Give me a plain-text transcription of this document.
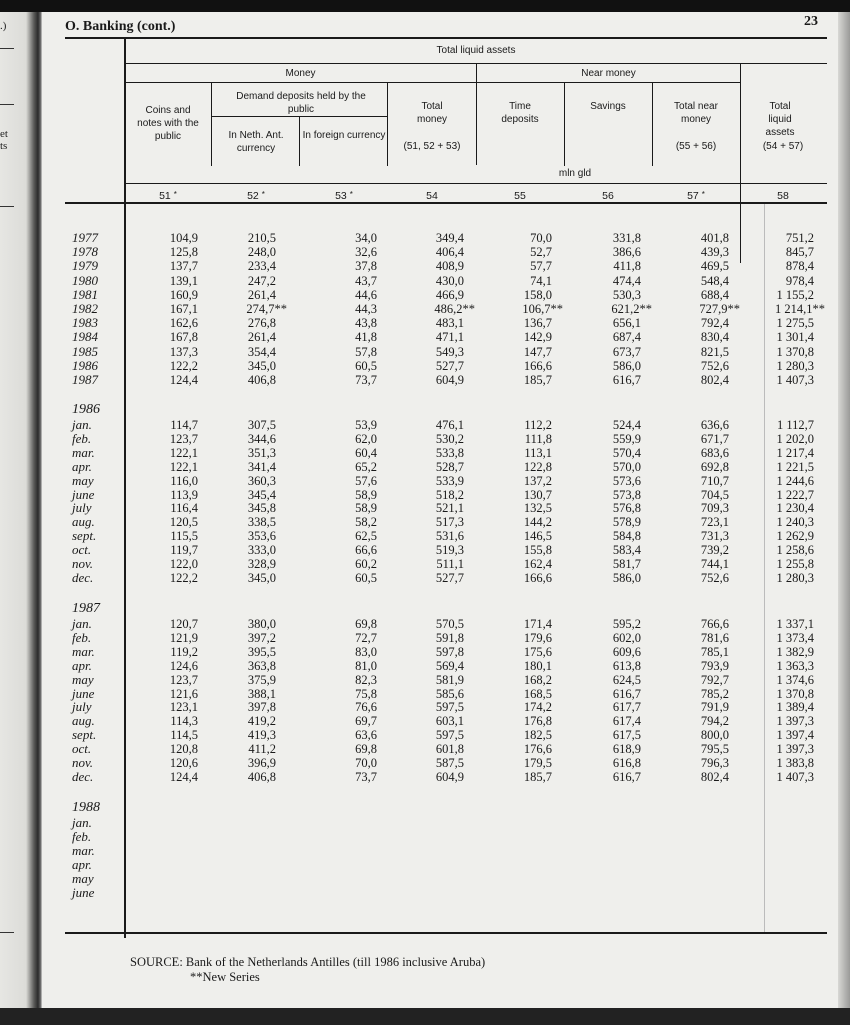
.)
et
ts
O. Banking (cont.)	23
Total liquid assets
Money	Near money
Demand deposits held by the public
Coins and notes with the public	In Neth. Ant. currency
In foreign currency
Total money
(51, 52 + 53)
Time deposits
Savings	Total near money
(55 + 56)
Total liquid assets
(54 + 57)
mln gld
51 *	52 *	53 *	54	55	56	57 *	58
1977	104,9	210,5	34,0	349,4	70,0	331,8	401,8	751,2
1978	125,8	248,0	32,6	406,4	52,7	386,6	439,3	845,7
1979	137,7	233,4	37,8	408,9	57,7	411,8	469,5	878,4
1980	139,1	247,2	43,7	430,0	74,1	474,4	548,4	978,4
1981	160,9	261,4	44,6	466,9	158,0	530,3	688,4	1 155,2
1982	167,1	274,7**	44,3	486,2**	106,7**	621,2**	727,9**	1 214,1**
1983	162,6	276,8	43,8	483,1	136,7	656,1	792,4	1 275,5
1984	167,8	261,4	41,8	471,1	142,9	687,4	830,4	1 301,4
1985	137,3	354,4	57,8	549,3	147,7	673,7	821,5	1 370,8
1986	122,2	345,0	60,5	527,7	166,6	586,0	752,6	1 280,3
1987	124,4	406,8	73,7	604,9	185,7	616,7	802,4	1 407,3
1986
jan.	114,7	307,5	53,9	476,1	112,2	524,4	636,6	1 112,7
feb.	123,7	344,6	62,0	530,2	111,8	559,9	671,7	1 202,0
mar.	122,1	351,3	60,4	533,8	113,1	570,4	683,6	1 217,4
apr.	122,1	341,4	65,2	528,7	122,8	570,0	692,8	1 221,5
may	116,0	360,3	57,6	533,9	137,2	573,6	710,7	1 244,6
june	113,9	345,4	58,9	518,2	130,7	573,8	704,5	1 222,7
july	116,4	345,8	58,9	521,1	132,5	576,8	709,3	1 230,4
aug.	120,5	338,5	58,2	517,3	144,2	578,9	723,1	1 240,3
sept.	115,5	353,6	62,5	531,6	146,5	584,8	731,3	1 262,9
oct.	119,7	333,0	66,6	519,3	155,8	583,4	739,2	1 258,6
nov.	122,0	328,9	60,2	511,1	162,4	581,7	744,1	1 255,8
dec.	122,2	345,0	60,5	527,7	166,6	586,0	752,6	1 280,3
1987
jan.	120,7	380,0	69,8	570,5	171,4	595,2	766,6	1 337,1
feb.	121,9	397,2	72,7	591,8	179,6	602,0	781,6	1 373,4
mar.	119,2	395,5	83,0	597,8	175,6	609,6	785,1	1 382,9
apr.	124,6	363,8	81,0	569,4	180,1	613,8	793,9	1 363,3
may	123,7	375,9	82,3	581,9	168,2	624,5	792,7	1 374,6
june	121,6	388,1	75,8	585,6	168,5	616,7	785,2	1 370,8
july	123,1	397,8	76,6	597,5	174,2	617,7	791,9	1 389,4
aug.	114,3	419,2	69,7	603,1	176,8	617,4	794,2	1 397,3
sept.	114,5	419,3	63,6	597,5	182,5	617,5	800,0	1 397,4
oct.	120,8	411,2	69,8	601,8	176,6	618,9	795,5	1 397,3
nov.	120,6	396,9	70,0	587,5	179,5	616,8	796,3	1 383,8
dec.	124,4	406,8	73,7	604,9	185,7	616,7	802,4	1 407,3
1988
jan.
feb.
mar.
apr.
may
june
SOURCE: Bank of the Netherlands Antilles (till 1986 inclusive Aruba)
**New Series
